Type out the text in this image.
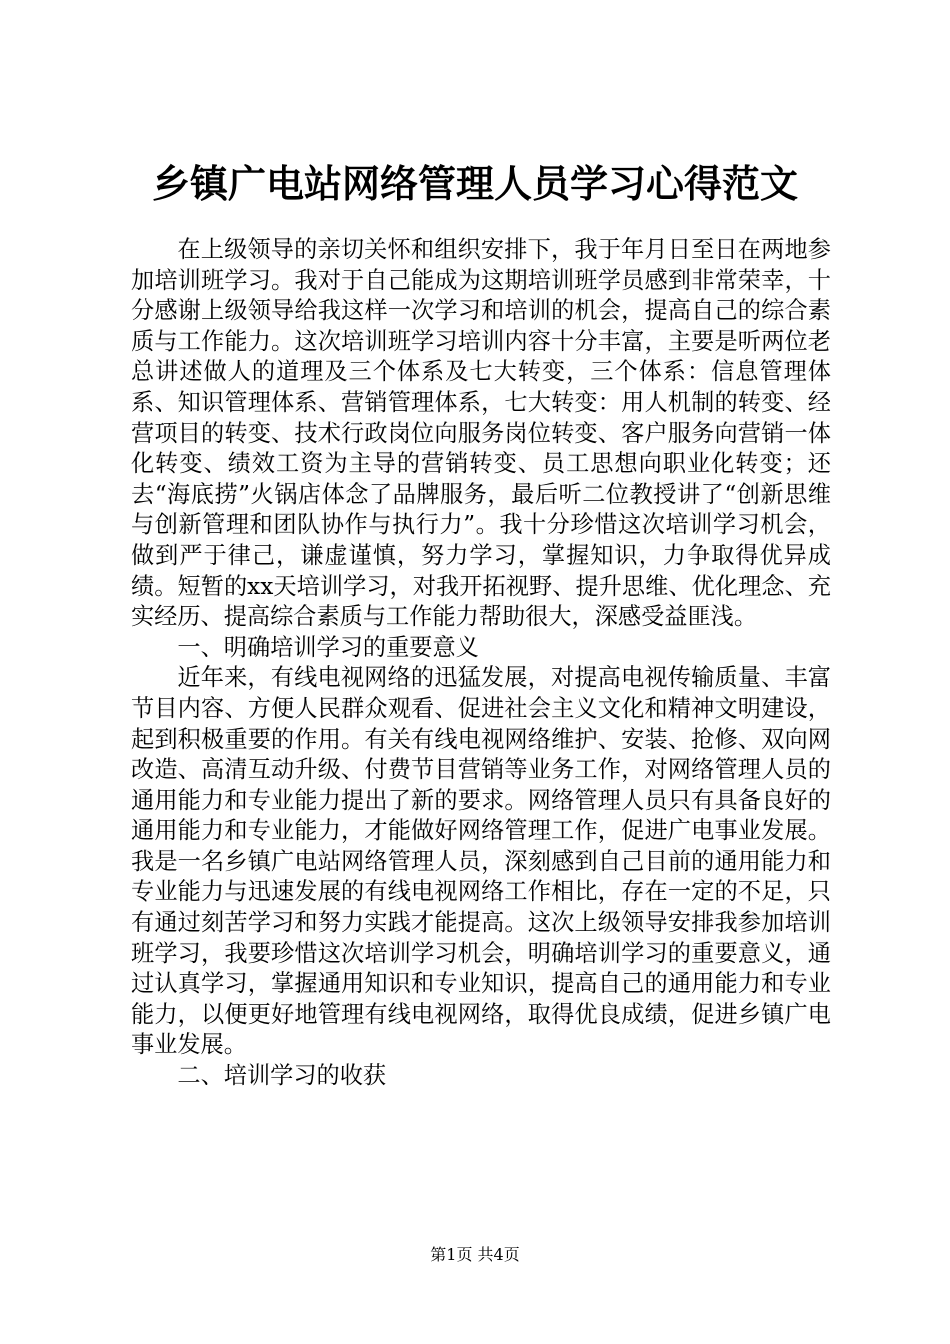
乡镇广电站网络管理人员学习心得范文

在上级领导的亲切关怀和组织安排下，我于年月日至日在两地参加培训班学习。我对于自己能成为这期培训班学员感到非常荣幸，十分感谢上级领导给我这样一次学习和培训的机会，提高自己的综合素质与工作能力。这次培训班学习培训内容十分丰富，主要是听两位老总讲述做人的道理及三个体系及七大转变，三个体系：信息管理体系、知识管理体系、营销管理体系，七大转变：用人机制的转变、经营项目的转变、技术行政岗位向服务岗位转变、客户服务向营销一体化转变、绩效工资为主导的营销转变、员工思想向职业化转变；还去“海底捞”火锅店体念了品牌服务，最后听二位教授讲了“创新思维与创新管理和团队协作与执行力”。我十分珍惜这次培训学习机会，做到严于律己，谦虚谨慎，努力学习，掌握知识，力争取得优异成绩。短暂的xx天培训学习，对我开拓视野、提升思维、优化理念、充实经历、提高综合素质与工作能力帮助很大，深感受益匪浅。

一、明确培训学习的重要意义

近年来，有线电视网络的迅猛发展，对提高电视传输质量、丰富节目内容、方便人民群众观看、促进社会主义文化和精神文明建设，起到积极重要的作用。有关有线电视网络维护、安装、抢修、双向网改造、高清互动升级、付费节目营销等业务工作，对网络管理人员的通用能力和专业能力提出了新的要求。网络管理人员只有具备良好的通用能力和专业能力，才能做好网络管理工作，促进广电事业发展。我是一名乡镇广电站网络管理人员，深刻感到自己目前的通用能力和专业能力与迅速发展的有线电视网络工作相比，存在一定的不足，只有通过刻苦学习和努力实践才能提高。这次上级领导安排我参加培训班学习，我要珍惜这次培训学习机会，明确培训学习的重要意义，通过认真学习，掌握通用知识和专业知识，提高自己的通用能力和专业能力，以便更好地管理有线电视网络，取得优良成绩，促进乡镇广电事业发展。

二、培训学习的收获

第1页 共4页
